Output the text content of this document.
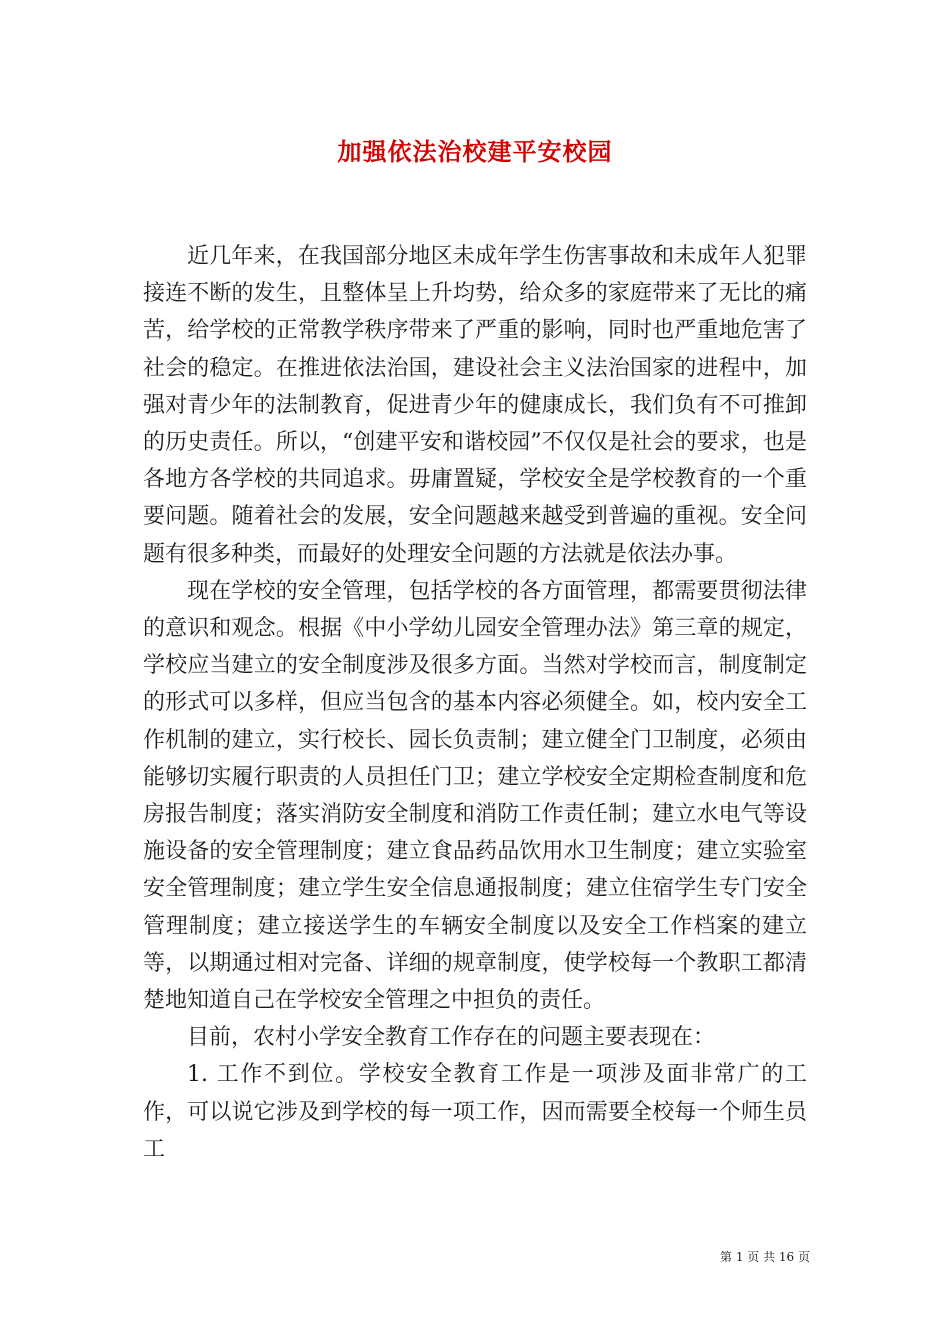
加强依法治校建平安校园

近几年来，在我国部分地区未成年学生伤害事故和未成年人犯罪接连不断的发生，且整体呈上升均势，给众多的家庭带来了无比的痛苦，给学校的正常教学秩序带来了严重的影响，同时也严重地危害了社会的稳定。在推进依法治国，建设社会主义法治国家的进程中，加强对青少年的法制教育，促进青少年的健康成长，我们负有不可推卸的历史责任。所以，“创建平安和谐校园”不仅仅是社会的要求，也是各地方各学校的共同追求。毋庸置疑，学校安全是学校教育的一个重要问题。随着社会的发展，安全问题越来越受到普遍的重视。安全问题有很多种类，而最好的处理安全问题的方法就是依法办事。

现在学校的安全管理，包括学校的各方面管理，都需要贯彻法律的意识和观念。根据《中小学幼儿园安全管理办法》第三章的规定，学校应当建立的安全制度涉及很多方面。当然对学校而言，制度制定的形式可以多样，但应当包含的基本内容必须健全。如，校内安全工作机制的建立，实行校长、园长负责制；建立健全门卫制度，必须由能够切实履行职责的人员担任门卫；建立学校安全定期检查制度和危房报告制度；落实消防安全制度和消防工作责任制；建立水电气等设施设备的安全管理制度；建立食品药品饮用水卫生制度；建立实验室安全管理制度；建立学生安全信息通报制度；建立住宿学生专门安全管理制度；建立接送学生的车辆安全制度以及安全工作档案的建立等，以期通过相对完备、详细的规章制度，使学校每一个教职工都清楚地知道自己在学校安全管理之中担负的责任。

目前，农村小学安全教育工作存在的问题主要表现在：

1. 工作不到位。学校安全教育工作是一项涉及面非常广的工作，可以说它涉及到学校的每一项工作，因而需要全校每一个师生员工

第 1 页 共 16 页
